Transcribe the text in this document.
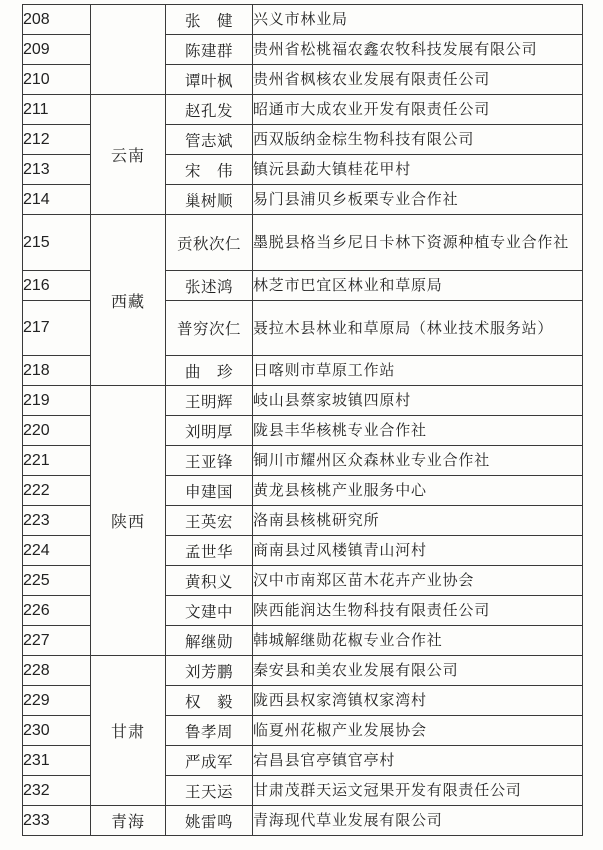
208		张　健	兴义市林业局
209		陈建群	贵州省松桃福农鑫农牧科技发展有限公司
210		谭叶枫	贵州省枫核农业发展有限责任公司
211	云南	赵孔发	昭通市大成农业开发有限责任公司
212		管志斌	西双版纳金棕生物科技有限公司
213		宋　伟	镇沅县勐大镇桂花甲村
214		巢树顺	易门县浦贝乡板栗专业合作社
215	西藏	贡秋次仁	墨脱县格当乡尼日卡林下资源种植专业合作社
216		张述鸿	林芝市巴宜区林业和草原局
217		普穷次仁	聂拉木县林业和草原局（林业技术服务站）
218		曲　珍	日喀则市草原工作站
219	陕西	王明辉	岐山县蔡家坡镇四原村
220		刘明厚	陇县丰华核桃专业合作社
221		王亚锋	铜川市耀州区众森林业专业合作社
222		申建国	黄龙县核桃产业服务中心
223		王英宏	洛南县核桃研究所
224		孟世华	商南县过风楼镇青山河村
225		黄积义	汉中市南郑区苗木花卉产业协会
226		文建中	陕西能润达生物科技有限责任公司
227		解继勋	韩城解继勋花椒专业合作社
228	甘肃	刘芳鹏	秦安县和美农业发展有限公司
229		权　毅	陇西县权家湾镇权家湾村
230		鲁孝周	临夏州花椒产业发展协会
231		严成军	宕昌县官亭镇官亭村
232		王天运	甘肃茂群天运文冠果开发有限责任公司
233	青海	姚雷鸣	青海现代草业发展有限公司
